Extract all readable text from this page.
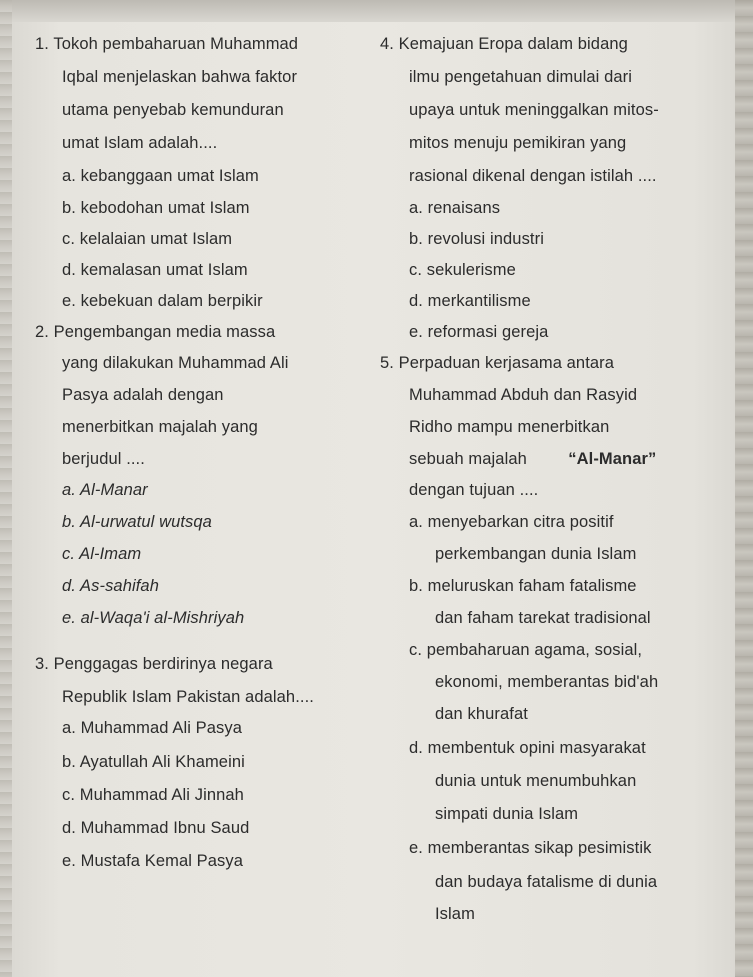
1. Tokoh pembaharuan Muhammad
Iqbal menjelaskan bahwa faktor
utama penyebab kemunduran
umat Islam adalah....
a. kebanggaan umat Islam
b. kebodohan umat Islam
c. kelalaian umat Islam
d. kemalasan umat Islam
e. kebekuan dalam berpikir
2. Pengembangan media massa
yang dilakukan Muhammad Ali
Pasya adalah dengan
menerbitkan majalah yang
berjudul ....
a. Al-Manar
b. Al-urwatul wutsqa
c. Al-Imam
d. As-sahifah
e. al-Waqa'i al-Mishriyah
3. Penggagas berdirinya negara
Republik Islam Pakistan adalah....
a. Muhammad Ali Pasya
b. Ayatullah Ali Khameini
c. Muhammad Ali Jinnah
d. Muhammad Ibnu Saud
e. Mustafa Kemal Pasya
4. Kemajuan Eropa dalam bidang
ilmu pengetahuan dimulai dari
upaya untuk meninggalkan mitos-
mitos menuju pemikiran yang
rasional dikenal dengan istilah ....
a. renaisans
b. revolusi industri
c. sekulerisme
d. merkantilisme
e. reformasi gereja
5. Perpaduan kerjasama antara
Muhammad Abduh dan Rasyid
Ridho mampu menerbitkan
sebuah majalah	“Al-Manar”
dengan tujuan ....
a. menyebarkan citra positif
perkembangan dunia Islam
b. meluruskan faham fatalisme
dan faham tarekat tradisional
c. pembaharuan agama, sosial,
ekonomi, memberantas bid'ah
dan khurafat
d. membentuk opini masyarakat
dunia untuk menumbuhkan
simpati dunia Islam
e. memberantas sikap pesimistik
dan budaya fatalisme di dunia
Islam
